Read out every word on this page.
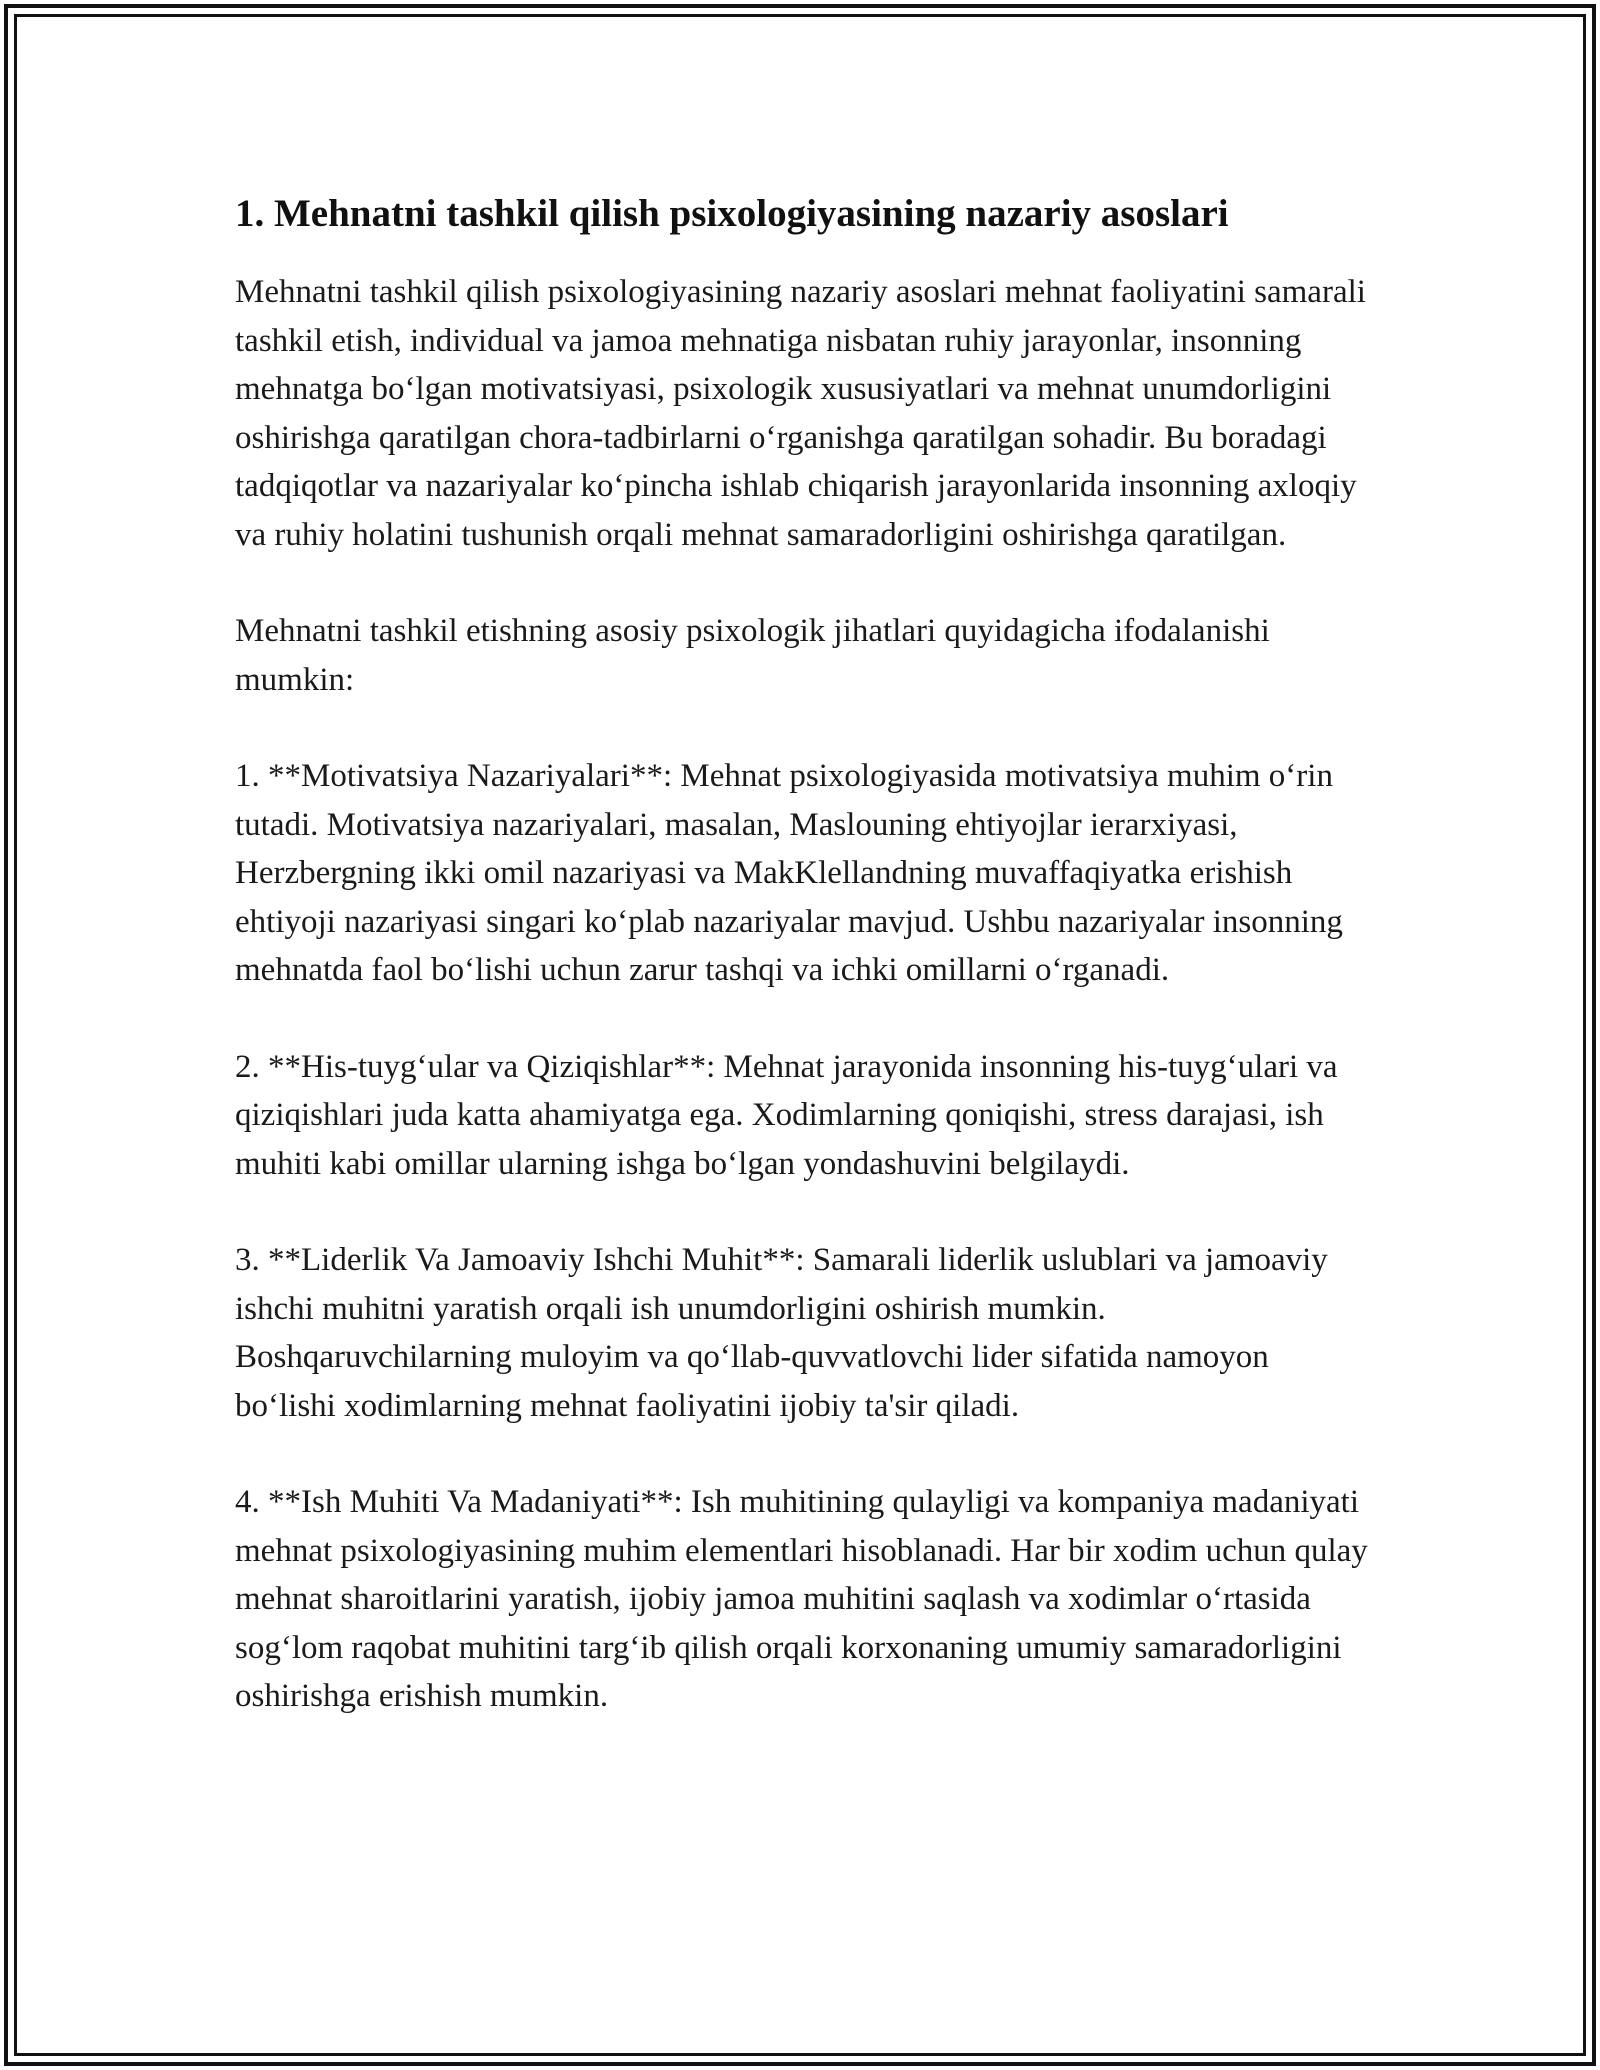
1. Mehnatni tashkil qilish psixologiyasining nazariy asoslari

Mehnatni tashkil qilish psixologiyasining nazariy asoslari mehnat faoliyatini samarali tashkil etish, individual va jamoa mehnatiga nisbatan ruhiy jarayonlar, insonning mehnatga bo‘lgan motivatsiyasi, psixologik xususiyatlari va mehnat unumdorligini oshirishga qaratilgan chora-tadbirlarni o‘rganishga qaratilgan sohadir. Bu boradagi tadqiqotlar va nazariyalar ko‘pincha ishlab chiqarish jarayonlarida insonning axloqiy va ruhiy holatini tushunish orqali mehnat samaradorligini oshirishga qaratilgan.

Mehnatni tashkil etishning asosiy psixologik jihatlari quyidagicha ifodalanishi mumkin:

1. **Motivatsiya Nazariyalari**: Mehnat psixologiyasida motivatsiya muhim o‘rin tutadi. Motivatsiya nazariyalari, masalan, Maslouning ehtiyojlar ierarxiyasi, Herzbergning ikki omil nazariyasi va MakKlellandning muvaffaqiyatka erishish ehtiyoji nazariyasi singari ko‘plab nazariyalar mavjud. Ushbu nazariyalar insonning mehnatda faol bo‘lishi uchun zarur tashqi va ichki omillarni o‘rganadi.

2. **His-tuyg‘ular va Qiziqishlar**: Mehnat jarayonida insonning his-tuyg‘ulari va qiziqishlari juda katta ahamiyatga ega. Xodimlarning qoniqishi, stress darajasi, ish muhiti kabi omillar ularning ishga bo‘lgan yondashuvini belgilaydi.

3. **Liderlik Va Jamoaviy Ishchi Muhit**: Samarali liderlik uslublari va jamoaviy ishchi muhitni yaratish orqali ish unumdorligini oshirish mumkin. Boshqaruvchilarning muloyim va qo‘llab-quvvatlovchi lider sifatida namoyon bo‘lishi xodimlarning mehnat faoliyatini ijobiy ta'sir qiladi.

4. **Ish Muhiti Va Madaniyati**: Ish muhitining qulayligi va kompaniya madaniyati mehnat psixologiyasining muhim elementlari hisoblanadi. Har bir xodim uchun qulay mehnat sharoitlarini yaratish, ijobiy jamoa muhitini saqlash va xodimlar o‘rtasida sog‘lom raqobat muhitini targ‘ib qilish orqali korxonaning umumiy samaradorligini oshirishga erishish mumkin.
